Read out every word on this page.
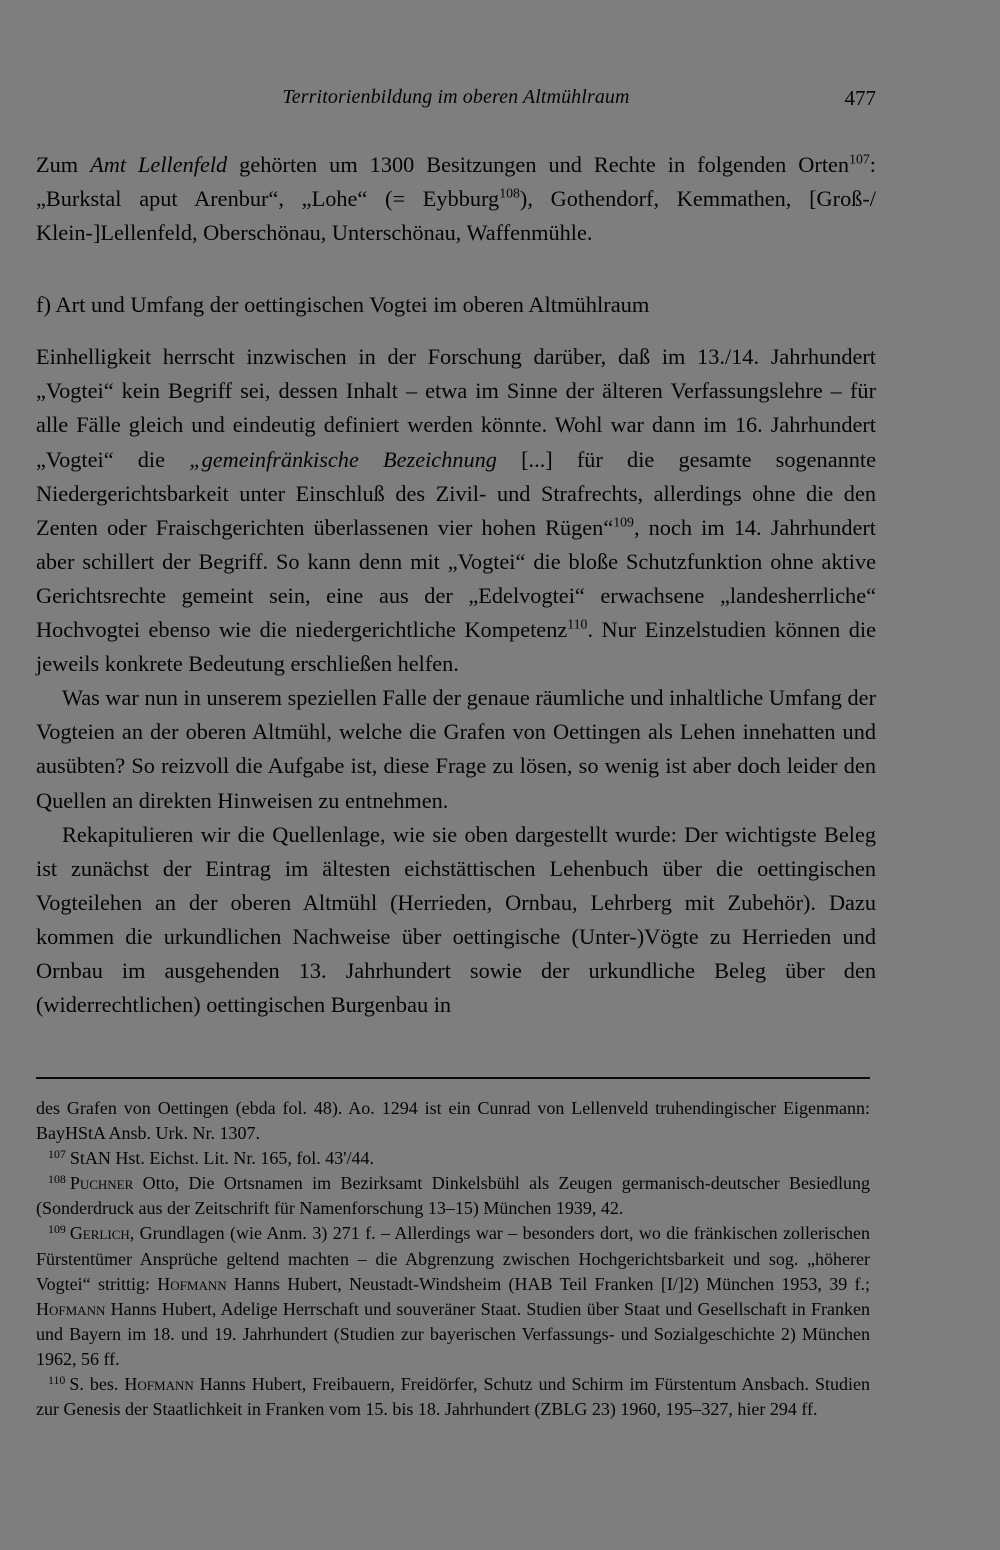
Territorienbildung im oberen Altmühlraum	477

Zum Amt Lellenfeld gehörten um 1300 Besitzungen und Rechte in folgenden Orten$^{107}$: „Burkstal aput Arenbur“, „Lohe“ (= Eybburg$^{108}$), Gothendorf, Kemmathen, [Groß-/ Klein-]Lellenfeld, Oberschönau, Unterschönau, Waffenmühle.

f) Art und Umfang der oettingischen Vogtei im oberen Altmühlraum

Einhelligkeit herrscht inzwischen in der Forschung darüber, daß im 13./14. Jahrhundert „Vogtei“ kein Begriff sei, dessen Inhalt – etwa im Sinne der älteren Verfassungslehre – für alle Fälle gleich und eindeutig definiert werden könnte. Wohl war dann im 16. Jahrhundert „Vogtei“ die „gemeinfränkische Bezeichnung [...] für die gesamte sogenannte Niedergerichtsbarkeit unter Einschluß des Zivil- und Strafrechts, allerdings ohne die den Zenten oder Fraischgerichten überlassenen vier hohen Rügen“$^{109}$, noch im 14. Jahrhundert aber schillert der Begriff. So kann denn mit „Vogtei“ die bloße Schutzfunktion ohne aktive Gerichtsrechte gemeint sein, eine aus der „Edelvogtei“ erwachsene „landesherrliche“ Hochvogtei ebenso wie die niedergerichtliche Kompetenz$^{110}$. Nur Einzelstudien können die jeweils konkrete Bedeutung erschließen helfen.

Was war nun in unserem speziellen Falle der genaue räumliche und inhaltliche Umfang der Vogteien an der oberen Altmühl, welche die Grafen von Oettingen als Lehen innehatten und ausübten? So reizvoll die Aufgabe ist, diese Frage zu lösen, so wenig ist aber doch leider den Quellen an direkten Hinweisen zu entnehmen.

Rekapitulieren wir die Quellenlage, wie sie oben dargestellt wurde: Der wichtigste Beleg ist zunächst der Eintrag im ältesten eichstättischen Lehenbuch über die oettingischen Vogteilehen an der oberen Altmühl (Herrieden, Ornbau, Lehrberg mit Zubehör). Dazu kommen die urkundlichen Nachweise über oettingische (Unter-)Vögte zu Herrieden und Ornbau im ausgehenden 13. Jahrhundert sowie der urkundliche Beleg über den (widerrechtlichen) oettingischen Burgenbau in

des Grafen von Oettingen (ebda fol. 48). Ao. 1294 ist ein Cunrad von Lellenveld truhendingischer Eigenmann: BayHStA Ansb. Urk. Nr. 1307.

$^{107}$ StAN Hst. Eichst. Lit. Nr. 165, fol. 43'/44.

$^{108}$ Puchner Otto, Die Ortsnamen im Bezirksamt Dinkelsbühl als Zeugen germanisch-deutscher Besiedlung (Sonderdruck aus der Zeitschrift für Namenforschung 13–15) München 1939, 42.

$^{109}$ Gerlich, Grundlagen (wie Anm. 3) 271 f. – Allerdings war – besonders dort, wo die fränkischen zollerischen Fürstentümer Ansprüche geltend machten – die Abgrenzung zwischen Hochgerichtsbarkeit und sog. „höherer Vogtei“ strittig: Hofmann Hanns Hubert, Neustadt-Windsheim (HAB Teil Franken [I/]2) München 1953, 39 f.; Hofmann Hanns Hubert, Adelige Herrschaft und souveräner Staat. Studien über Staat und Gesellschaft in Franken und Bayern im 18. und 19. Jahrhundert (Studien zur bayerischen Verfassungs- und Sozialgeschichte 2) München 1962, 56 ff.

$^{110}$ S. bes. Hofmann Hanns Hubert, Freibauern, Freidörfer, Schutz und Schirm im Fürstentum Ansbach. Studien zur Genesis der Staatlichkeit in Franken vom 15. bis 18. Jahrhundert (ZBLG 23) 1960, 195–327, hier 294 ff.
